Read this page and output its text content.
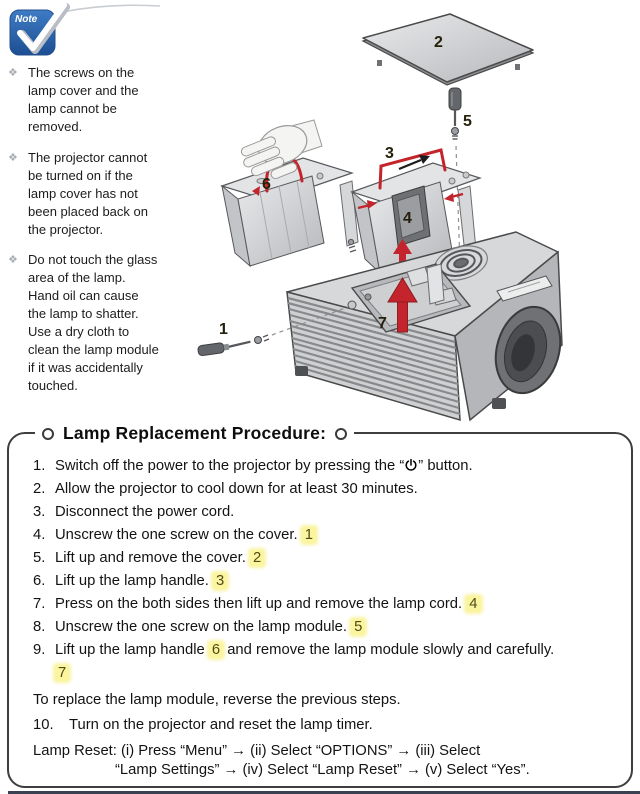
Note
❖ The screws on the lamp cover and the lamp cannot be removed.
❖ The projector cannot be turned on if the lamp cover has not been placed back on the projector.
❖ Do not touch the glass area of the lamp. Hand oil can cause the lamp to shatter. Use a dry cloth to clean the lamp module if it was accidentally touched.
2
5
6
3
4
7
1
Lamp Replacement Procedure:
1. Switch off the power to the projector by pressing the “ ” button.
2. Allow the projector to cool down for at least 30 minutes.
3. Disconnect the power cord.
4. Unscrew the one screw on the cover. 1
5. Lift up and remove the cover. 2
6. Lift up the lamp handle. 3
7. Press on the both sides then lift up and remove the lamp cord. 4
8. Unscrew the one screw on the lamp module. 5
9. Lift up the lamp handle 6 and remove the lamp module slowly and carefully.
7

To replace the lamp module, reverse the previous steps.

10.	Turn on the projector and reset the lamp timer.
Lamp Reset: (i) Press “Menu” → (ii) Select “OPTIONS” → (iii) Select
“Lamp Settings” → (iv) Select “Lamp Reset” → (v) Select “Yes”.
